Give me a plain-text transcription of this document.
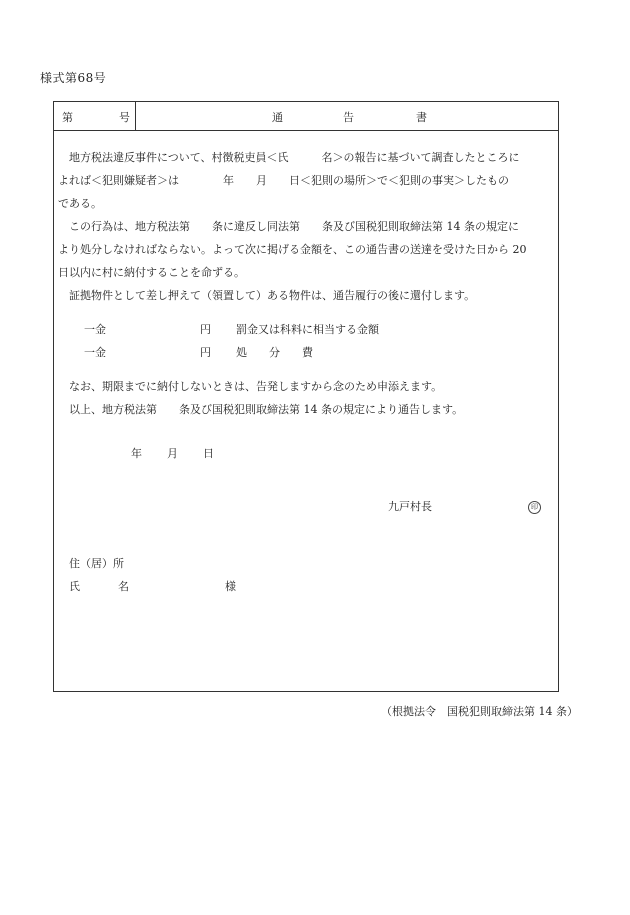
様式第68号
第	号	通	告	書
地方税法違反事件について、村徴税吏員＜氏　　　名＞の報告に基づいて調査したところに
よれば＜犯則嫌疑者＞は　　　　年　　月　　日＜犯則の場所＞で＜犯則の事実＞したもの
である。
この行為は、地方税法第　　条に違反し同法第　　条及び国税犯則取締法第 14 条の規定に
より処分しなければならない。よって次に掲げる金額を、この通告書の送達を受けた日から 20
日以内に村に納付することを命ずる。
証拠物件として差し押えて（領置して）ある物件は、通告履行の後に還付します。
一金	円 罰金又は科料に相当する金額
一金	円 処　　分　　費
なお、期限までに納付しないときは、告発しますから念のため申添えます。
以上、地方税法第　　条及び国税犯則取締法第 14 条の規定により通告します。
年 月 日
九戸村長	印
住（居）所
氏	名	様
（根拠法令　国税犯則取締法第 14 条）
